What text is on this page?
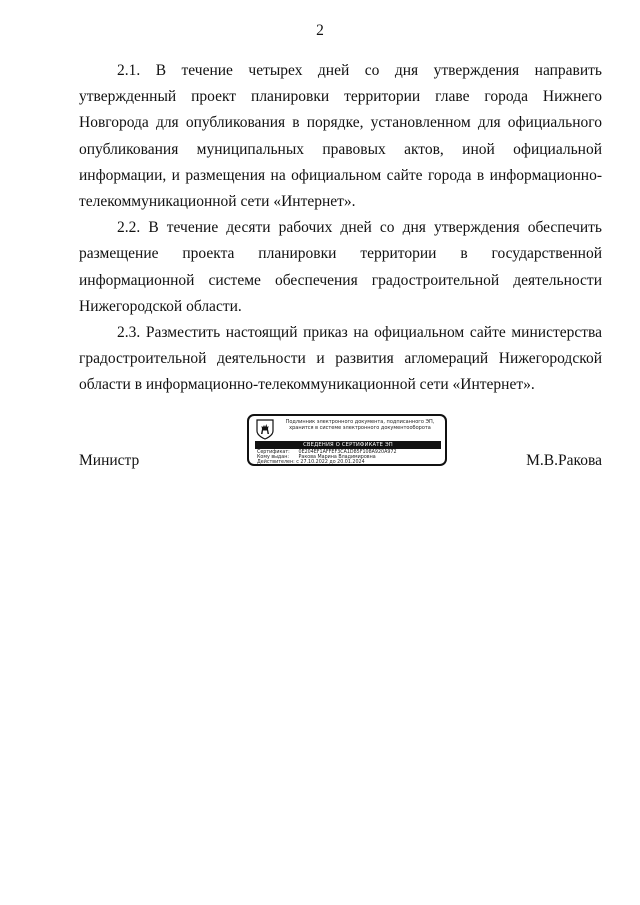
2

2.1. В течение четырех дней со дня утверждения направить утвержденный проект планировки территории главе города Нижнего Новгорода для опубликования в порядке, установленном для официального опубликования муниципальных правовых актов, иной официальной информации, и размещения на официальном сайте города в информационно-телекоммуникационной сети «Интернет».

2.2. В течение десяти рабочих дней со дня утверждения обеспечить размещение проекта планировки территории в государственной информационной системе обеспечения градостроительной деятельности Нижегородской области.

2.3. Разместить настоящий приказ на официальном сайте министерства градостроительной деятельности и развития агломераций Нижегородской области в информационно-телекоммуникационной сети «Интернет».

Министр
Подлинник электронного документа, подписанного ЭП,
хранится в системе электронного документооборота
СВЕДЕНИЯ О СЕРТИФИКАТЕ ЭП
Сертификат: 0E204EF1AFFEF3CA1D85F108A920A972
Кому выдан: Ракова Марина Владимировна
Действителен: с 27.10.2022 до 20.01.2024	М.В.Ракова
